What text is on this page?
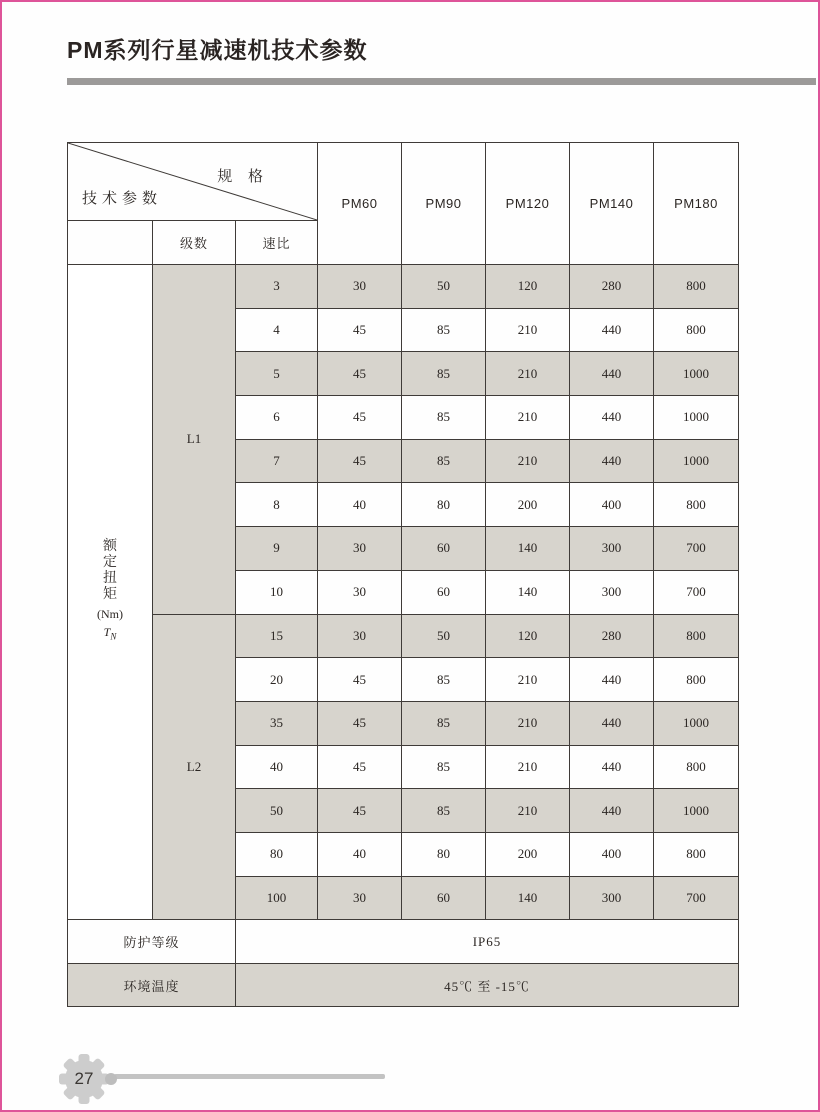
PM系列行星减速机技术参数
规 格
技术参数			PM60	PM90	PM120	PM140	PM180
	级数	速比					

额
定
扭
矩
(Nm)
$T_N$
	L1	3	30	50	120	280	800
		4	45	85	210	440	800
		5	45	85	210	440	1000
		6	45	85	210	440	1000
		7	45	85	210	440	1000
		8	40	80	200	400	800
		9	30	60	140	300	700
		10	30	60	140	300	700
	L2	15	30	50	120	280	800
		20	45	85	210	440	800
		35	45	85	210	440	1000
		40	45	85	210	440	800
		50	45	85	210	440	1000
		80	40	80	200	400	800
		100	30	60	140	300	700
防护等级		IP65					
环境温度		45℃ 至 -15℃					
27
